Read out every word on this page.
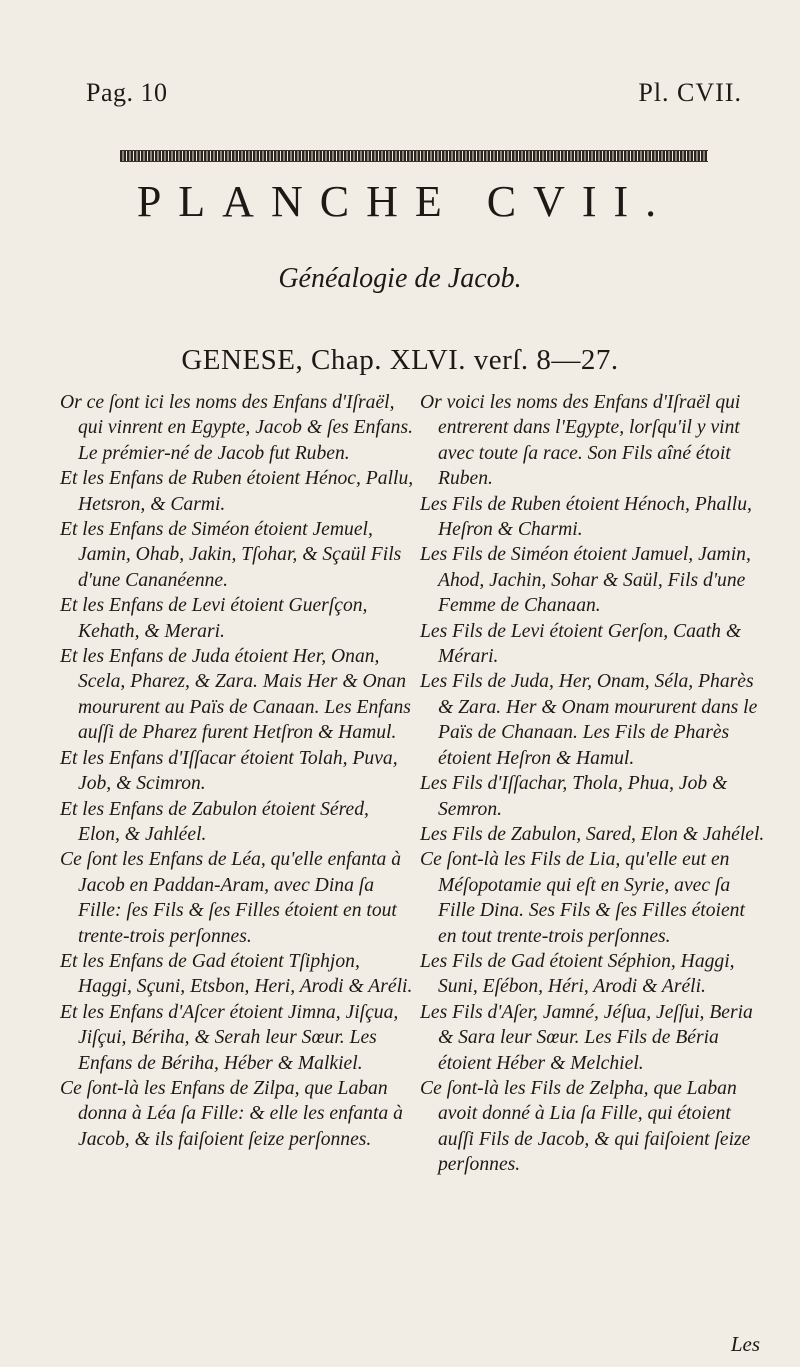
Pag. 10	Pl. CVII.
PLANCHE CVII.
Généalogie de Jacob.
GENESE, Chap. XLVI. verſ. 8—27.

Or ce ſont ici les noms des Enfans d'Iſraël, qui vinrent en Egypte, Jacob & ſes Enfans. Le prémier-né de Jacob fut Ruben.

Et les Enfans de Ruben étoient Hénoc, Pallu, Hetsron, & Carmi.

Et les Enfans de Siméon étoient Jemuel, Jamin, Ohab, Jakin, Tſohar, & Sçaül Fils d'une Cananéenne.

Et les Enfans de Levi étoient Guerſçon, Kehath, & Merari.

Et les Enfans de Juda étoient Her, Onan, Scela, Pharez, & Zara. Mais Her & Onan moururent au Païs de Canaan. Les Enfans auſſi de Pharez furent Hetſron & Hamul.

Et les Enfans d'Iſſacar étoient Tolah, Puva, Job, & Scimron.

Et les Enfans de Zabulon étoient Séred, Elon, & Jahléel.

Ce ſont les Enfans de Léa, qu'elle enfanta à Jacob en Paddan-Aram, avec Dina ſa Fille: ſes Fils & ſes Filles étoient en tout trente-trois perſonnes.

Et les Enfans de Gad étoient Tſiphjon, Haggi, Sçuni, Etsbon, Heri, Arodi & Aréli.

Et les Enfans d'Aſcer étoient Jimna, Jiſçua, Jiſçui, Bériha, & Serah leur Sœur. Les Enfans de Bériha, Héber & Malkiel.

Ce ſont-là les Enfans de Zilpa, que Laban donna à Léa ſa Fille: & elle les enfanta à Jacob, & ils faiſoient ſeize perſonnes.

Or voici les noms des Enfans d'Iſraël qui entrerent dans l'Egypte, lorſqu'il y vint avec toute ſa race. Son Fils aîné étoit Ruben.

Les Fils de Ruben étoient Hénoch, Phallu, Heſron & Charmi.

Les Fils de Siméon étoient Jamuel, Jamin, Ahod, Jachin, Sohar & Saül, Fils d'une Femme de Chanaan.

Les Fils de Levi étoient Gerſon, Caath & Mérari.

Les Fils de Juda, Her, Onam, Séla, Pharès & Zara. Her & Onam moururent dans le Païs de Chanaan. Les Fils de Pharès étoient Heſron & Hamul.

Les Fils d'Iſſachar, Thola, Phua, Job & Semron.

Les Fils de Zabulon, Sared, Elon & Jahélel.

Ce ſont-là les Fils de Lia, qu'elle eut en Méſopotamie qui eſt en Syrie, avec ſa Fille Dina. Ses Fils & ſes Filles étoient en tout trente-trois perſonnes.

Les Fils de Gad étoient Séphion, Haggi, Suni, Eſébon, Héri, Arodi & Aréli.

Les Fils d'Aſer, Jamné, Jéſua, Jeſſui, Beria & Sara leur Sœur. Les Fils de Béria étoient Héber & Melchiel.

Ce ſont-là les Fils de Zelpha, que Laban avoit donné à Lia ſa Fille, qui étoient auſſi Fils de Jacob, & qui faiſoient ſeize perſonnes.

Les
